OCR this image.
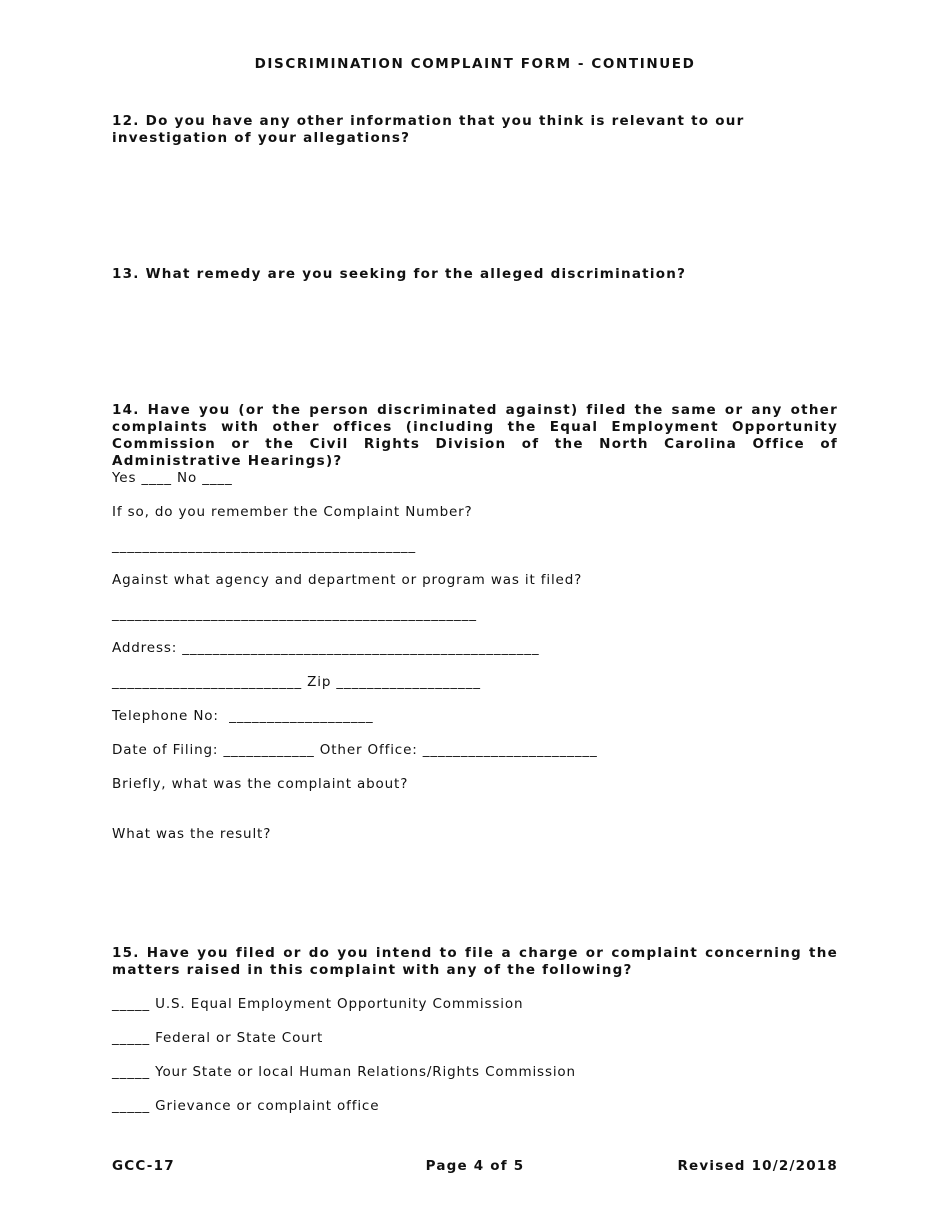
DISCRIMINATION COMPLAINT FORM - CONTINUED
12. Do you have any other information that you think is relevant to our investigation of your allegations?
13. What remedy are you seeking for the alleged discrimination?
14. Have you (or the person discriminated against) filed the same or any other complaints with other offices (including the Equal Employment Opportunity Commission or the Civil Rights Division of the North Carolina Office of Administrative Hearings)?
Yes ____ No ____
If so, do you remember the Complaint Number?
________________________________________
Against what agency and department or program was it filed?
________________________________________________
Address: _______________________________________________
_________________________ Zip ___________________
Telephone No:  ___________________
Date of Filing: ____________ Other Office: _______________________
Briefly, what was the complaint about?
What was the result?
15. Have you filed or do you intend to file a charge or complaint concerning the matters raised in this complaint with any of the following?
_____ U.S. Equal Employment Opportunity Commission
_____ Federal or State Court
_____ Your State or local Human Relations/Rights Commission
_____ Grievance or complaint office
GCC-17	Page 4 of 5	Revised 10/2/2018
